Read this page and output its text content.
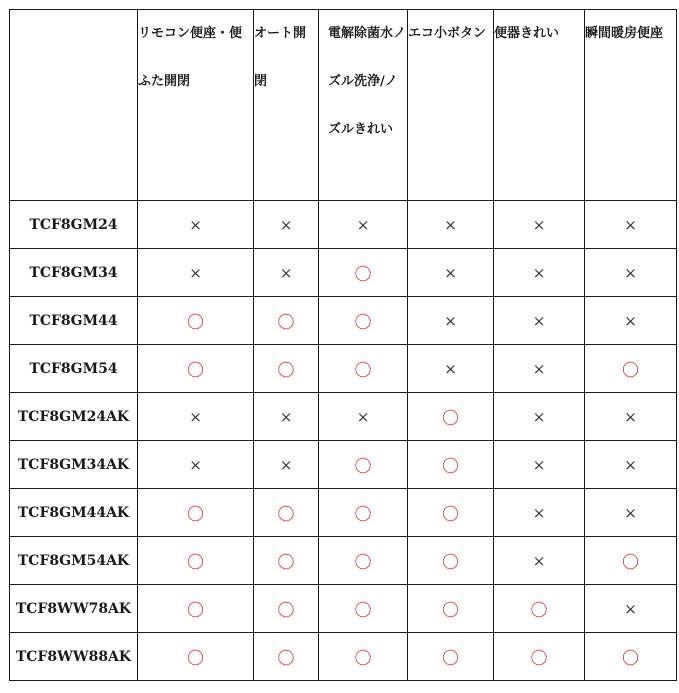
	リモコン便座・便ふた開閉	オート開閉	電解除菌水ノズル洗浄/ノズルきれい	エコ小ボタン	便器きれい	瞬間暖房便座
TCF8GM24	×	×	×	×	×	×
TCF8GM34	×	×	〇	×	×	×
TCF8GM44	〇	〇	〇	×	×	×
TCF8GM54	〇	〇	〇	×	×	〇
TCF8GM24AK	×	×	×	〇	×	×
TCF8GM34AK	×	×	〇	〇	×	×
TCF8GM44AK	〇	〇	〇	〇	×	×
TCF8GM54AK	〇	〇	〇	〇	×	〇
TCF8WW78AK	〇	〇	〇	〇	〇	×
TCF8WW88AK	〇	〇	〇	〇	〇	〇
